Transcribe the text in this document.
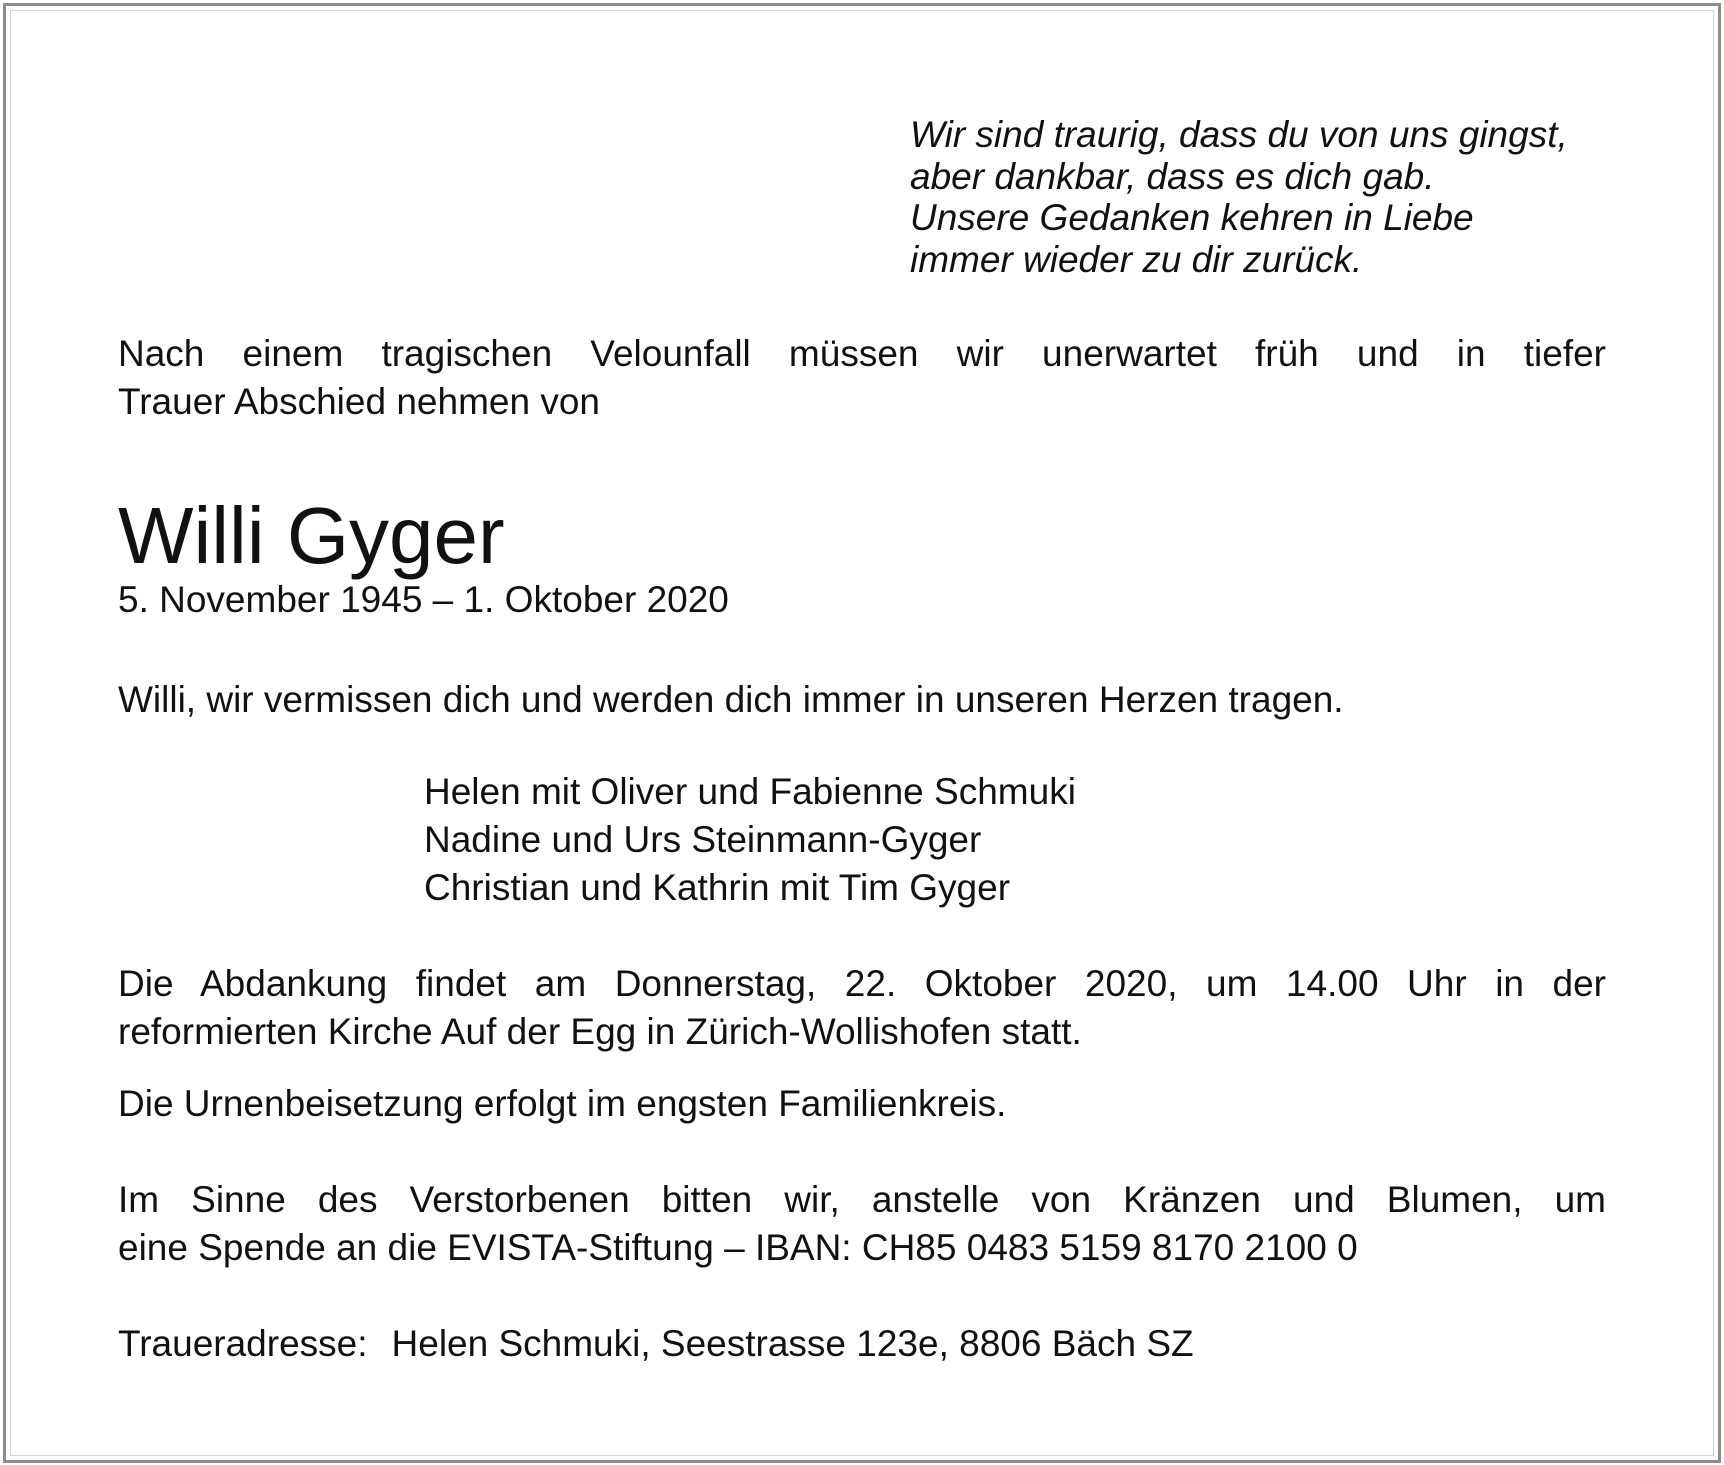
Wir sind traurig, dass du von uns gingst,
aber dankbar, dass es dich gab.
Unsere Gedanken kehren in Liebe
immer wieder zu dir zurück.
Nach einem tragischen Velounfall müssen wir unerwartet früh und in tiefer
Trauer Abschied nehmen von
Willi Gyger
5. November 1945 – 1. Oktober 2020
Willi, wir vermissen dich und werden dich immer in unseren Herzen tragen.
Helen mit Oliver und Fabienne Schmuki
Nadine und Urs Steinmann-Gyger
Christian und Kathrin mit Tim Gyger
Die Abdankung findet am Donnerstag, 22. Oktober 2020, um 14.00 Uhr in der
reformierten Kirche Auf der Egg in Zürich-Wollishofen statt.
Die Urnenbeisetzung erfolgt im engsten Familienkreis.
Im Sinne des Verstorbenen bitten wir, anstelle von Kränzen und Blumen, um
eine Spende an die EVISTA-Stiftung – IBAN: CH85 0483 5159 8170 2100 0
Traueradresse: Helen Schmuki, Seestrasse 123e, 8806 Bäch SZ
